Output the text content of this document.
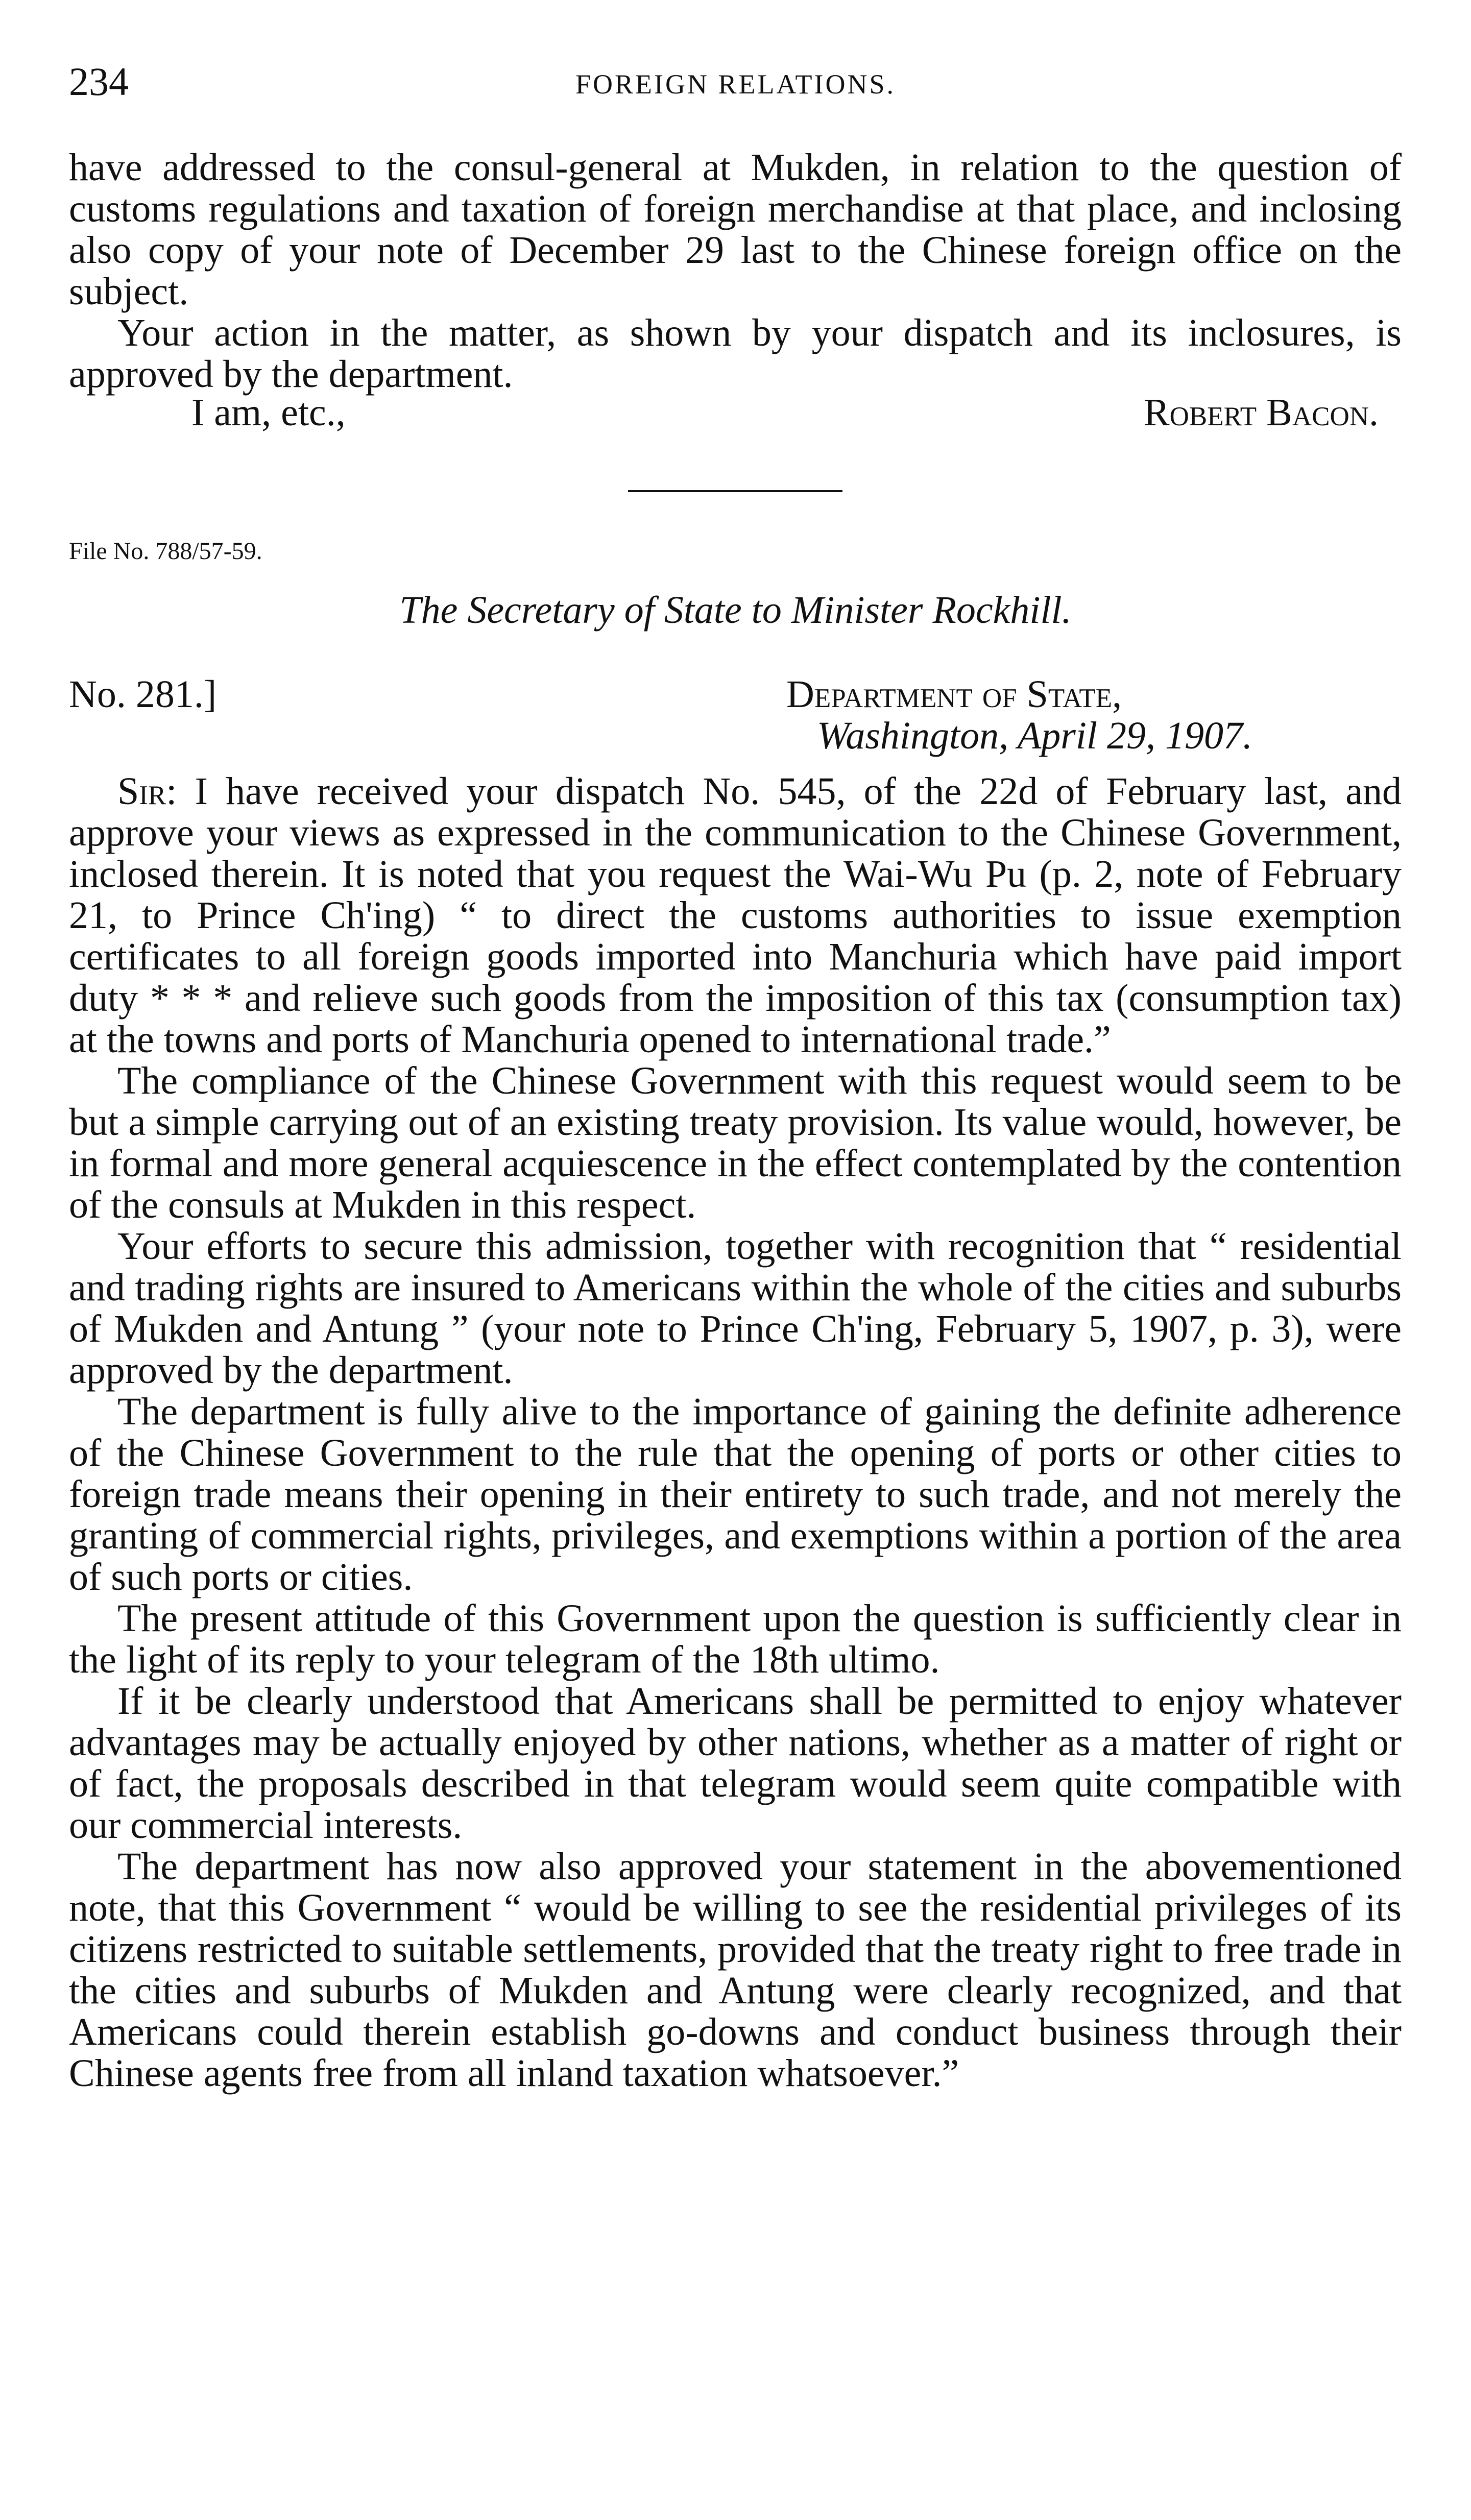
234	FOREIGN RELATIONS.

have addressed to the consul-general at Mukden, in relation to the question of customs regulations and taxation of foreign merchandise at that place, and inclosing also copy of your note of December 29 last to the Chinese foreign office on the subject.

Your action in the matter, as shown by your dispatch and its inclosures, is approved by the department.

I am, etc.,	Robert Bacon.
File No. 788/57-59.
The Secretary of State to Minister Rockhill.
No. 281.]	Department of State,
Washington, April 29, 1907.

Sir: I have received your dispatch No. 545, of the 22d of February last, and approve your views as expressed in the communication to the Chinese Government, inclosed therein. It is noted that you request the Wai-Wu Pu (p. 2, note of February 21, to Prince Ch'ing) “ to direct the customs authorities to issue exemption certificates to all foreign goods imported into Manchuria which have paid import duty * * * and relieve such goods from the imposition of this tax (consumption tax) at the towns and ports of Manchuria opened to international trade.”

The compliance of the Chinese Government with this request would seem to be but a simple carrying out of an existing treaty provision. Its value would, however, be in formal and more general acquiescence in the effect contemplated by the contention of the consuls at Mukden in this respect.

Your efforts to secure this admission, together with recognition that “ residential and trading rights are insured to Americans within the whole of the cities and suburbs of Mukden and Antung ” (your note to Prince Ch'ing, February 5, 1907, p. 3), were approved by the department.

The department is fully alive to the importance of gaining the definite adherence of the Chinese Government to the rule that the opening of ports or other cities to foreign trade means their opening in their entirety to such trade, and not merely the granting of commercial rights, privileges, and exemptions within a portion of the area of such ports or cities.

The present attitude of this Government upon the question is sufficiently clear in the light of its reply to your telegram of the 18th ultimo.

If it be clearly understood that Americans shall be permitted to enjoy whatever advantages may be actually enjoyed by other nations, whether as a matter of right or of fact, the proposals described in that telegram would seem quite compatible with our commercial interests.

The department has now also approved your statement in the abovementioned note, that this Government “ would be willing to see the residential privileges of its citizens restricted to suitable settlements, provided that the treaty right to free trade in the cities and suburbs of Mukden and Antung were clearly recognized, and that Americans could therein establish go-downs and conduct business through their Chinese agents free from all inland taxation whatsoever.”
